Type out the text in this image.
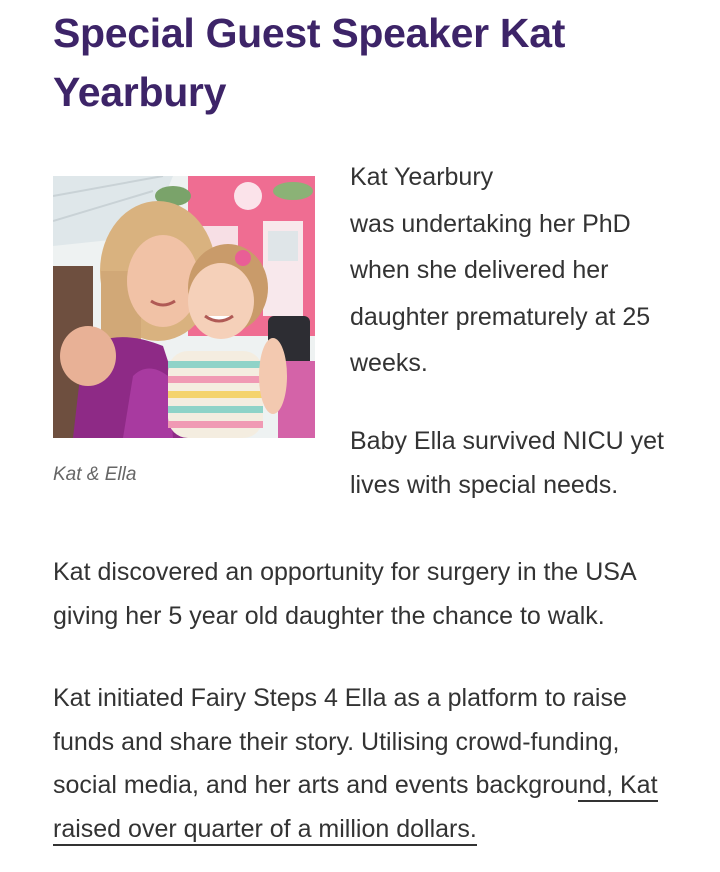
Special Guest Speaker Kat Yearbury
Kat & Ella

Kat Yearbury
was undertaking her PhD when she delivered her daughter prematurely at 25 weeks.

Baby Ella survived NICU yet lives with special needs.

Kat discovered an opportunity for surgery in the USA giving her 5 year old daughter the chance to walk.

Kat initiated Fairy Steps 4 Ella as a platform to raise funds and share their story. Utilising crowd-funding, social media, and her arts and events background, Kat raised over quarter of a million dollars.
